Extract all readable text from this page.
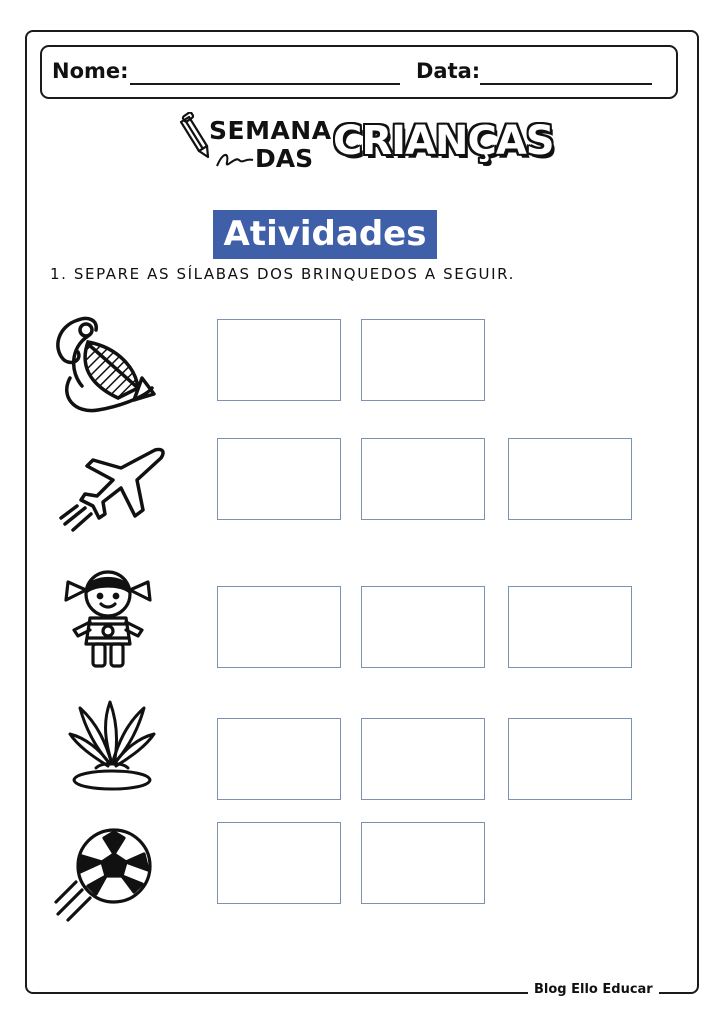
Nome:	Data:
SEMANA
DAS CRIANÇAS
Atividades
1. SEPARE AS SÍLABAS DOS BRINQUEDOS A SEGUIR.
Blog Ello Educar
